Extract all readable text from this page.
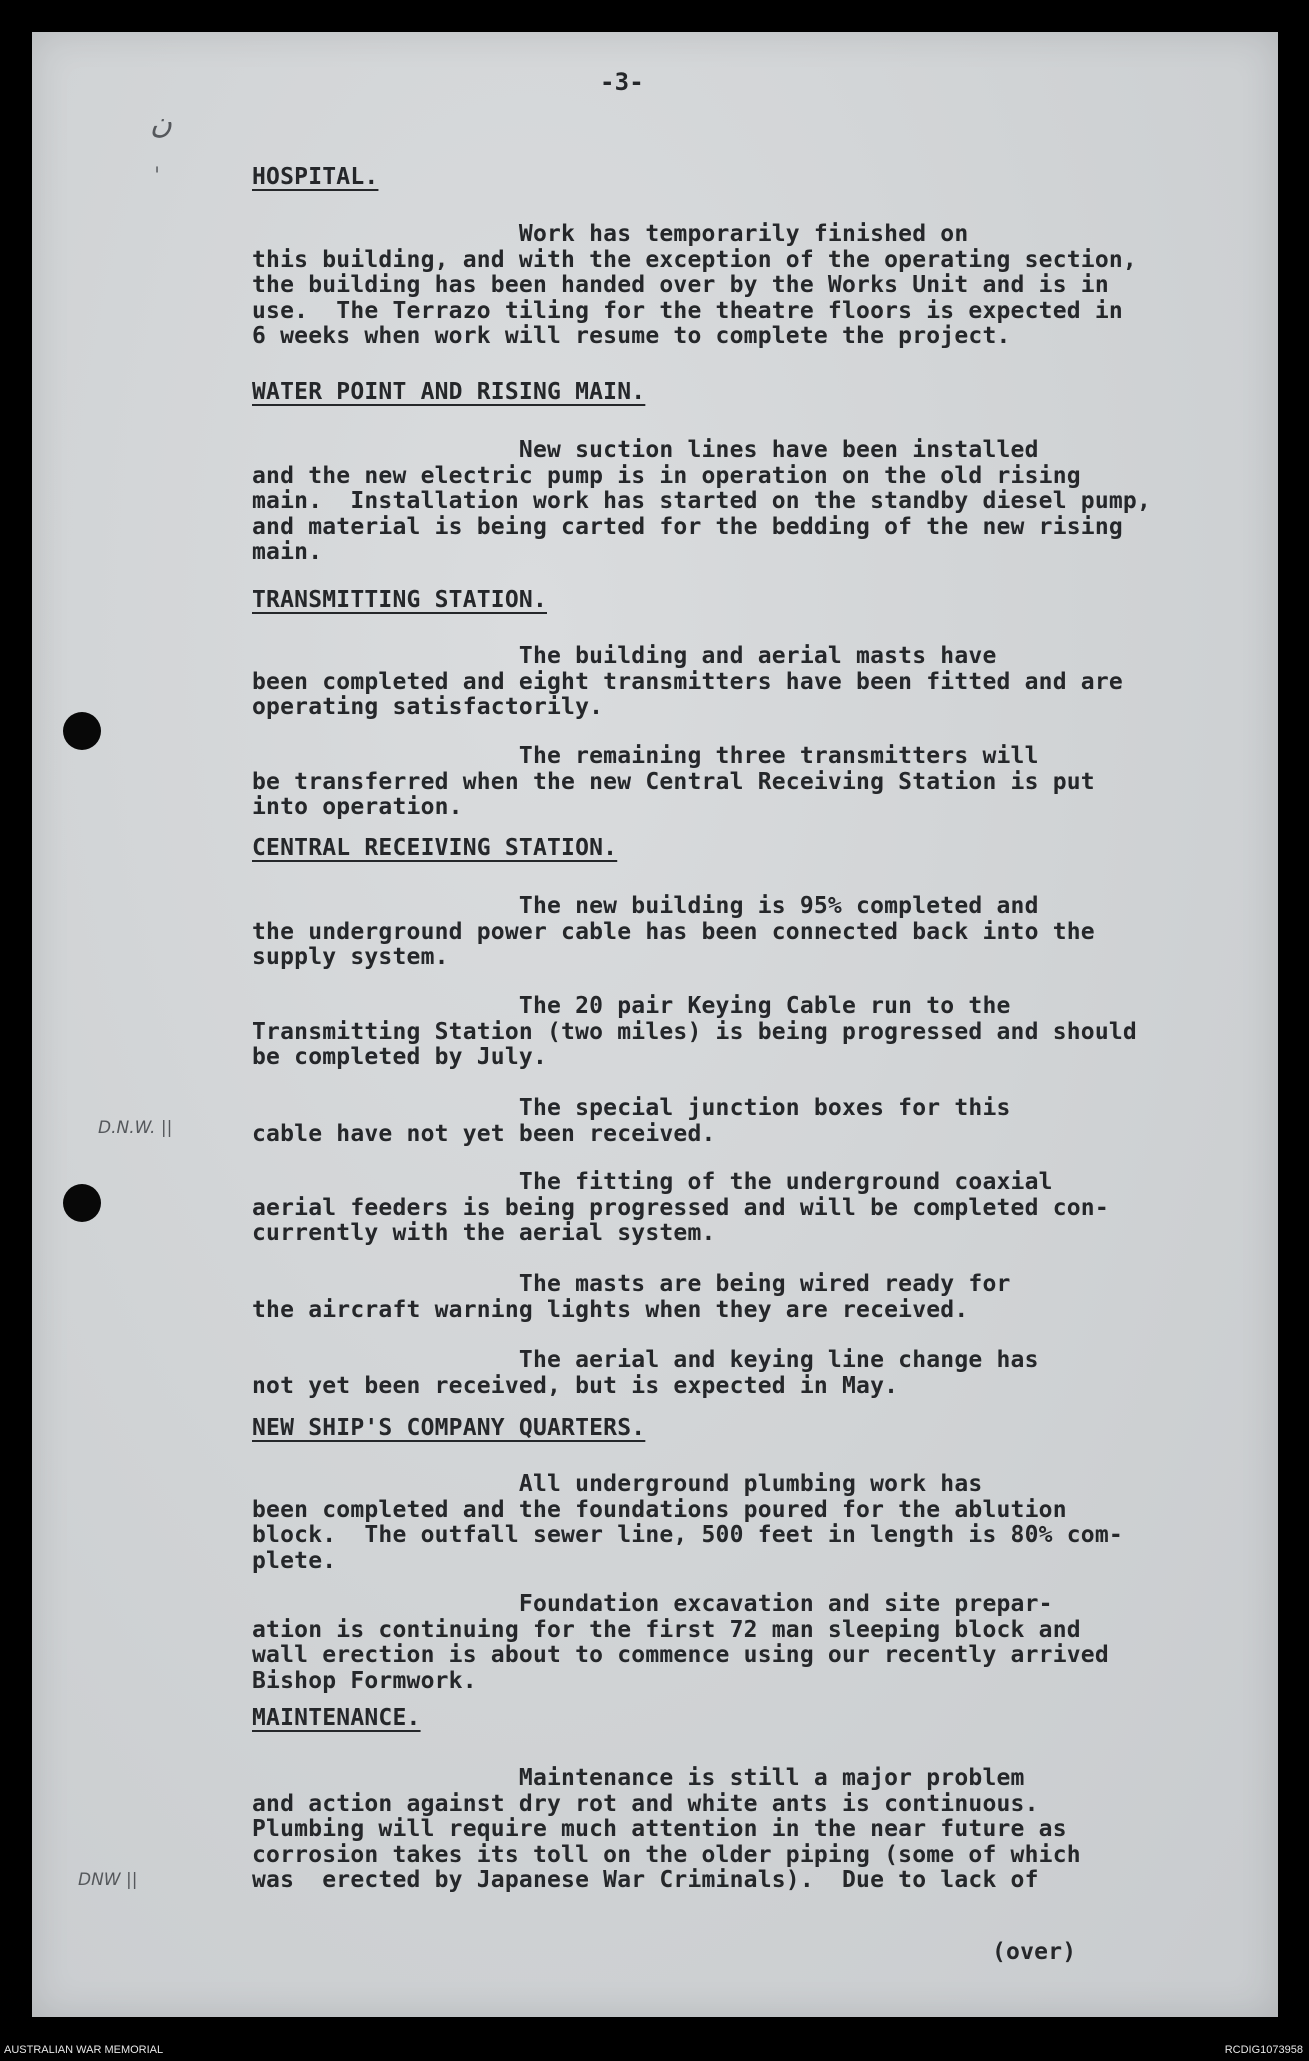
-3-

ن
ˌ

HOSPITAL.

Work has temporarily finished on
this building, and with the exception of the operating section,
the building has been handed over by the Works Unit and is in
use.  The Terrazo tiling for the theatre floors is expected in
6 weeks when work will resume to complete the project.

WATER POINT AND RISING MAIN.

New suction lines have been installed
and the new electric pump is in operation on the old rising
main.  Installation work has started on the standby diesel pump,
and material is being carted for the bedding of the new rising
main.

TRANSMITTING STATION.

The building and aerial masts have
been completed and eight transmitters have been fitted and are
operating satisfactorily.

The remaining three transmitters will
be transferred when the new Central Receiving Station is put
into operation.

CENTRAL RECEIVING STATION.

The new building is 95% completed and
the underground power cable has been connected back into the
supply system.

The 20 pair Keying Cable run to the
Transmitting Station (two miles) is being progressed and should
be completed by July.

The special junction boxes for this
cable have not yet been received.

D.N.W. ||

The fitting of the underground coaxial
aerial feeders is being progressed and will be completed con-
currently with the aerial system.

The masts are being wired ready for
the aircraft warning lights when they are received.

The aerial and keying line change has
not yet been received, but is expected in May.

NEW SHIP'S COMPANY QUARTERS.

All underground plumbing work has
been completed and the foundations poured for the ablution
block.  The outfall sewer line, 500 feet in length is 80% com-
plete.

Foundation excavation and site prepar-
ation is continuing for the first 72 man sleeping block and
wall erection is about to commence using our recently arrived
Bishop Formwork.

MAINTENANCE.

Maintenance is still a major problem
and action against dry rot and white ants is continuous.
Plumbing will require much attention in the near future as
corrosion takes its toll on the older piping (some of which
was  erected by Japanese War Criminals).  Due to lack of

DNW ||

(over)

AUSTRALIAN WAR MEMORIAL	RCDIG1073958
